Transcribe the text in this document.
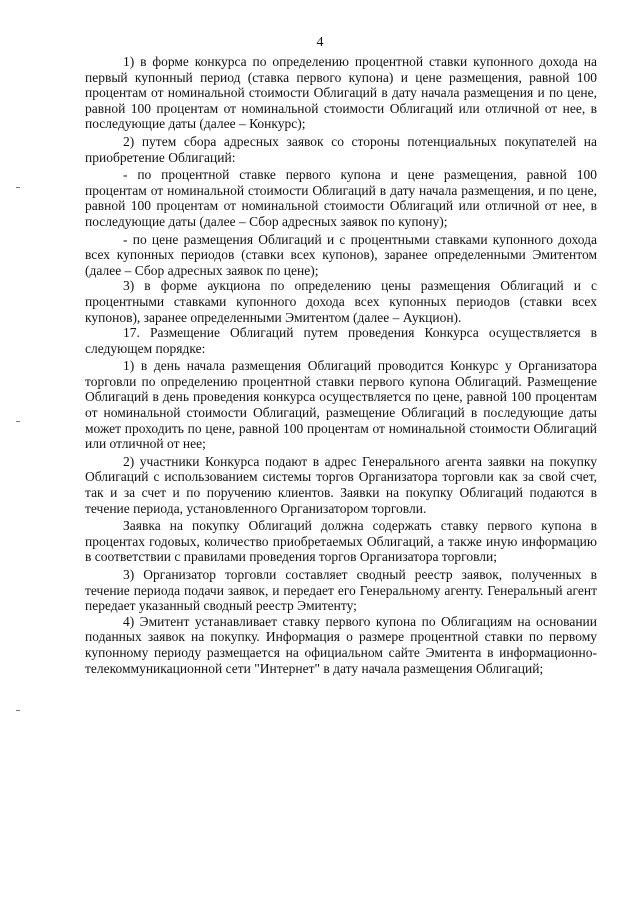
4

1) в форме конкурса по определению процентной ставки купонного дохода на первый купонный период (ставка первого купона) и цене размещения, равной 100 процентам от номинальной стоимости Облигаций в дату начала размещения и по цене, равной 100 процентам от номинальной стоимости Облигаций или отличной от нее, в последующие даты (далее – Конкурс);

2) путем сбора адресных заявок со стороны потенциальных покупателей на приобретение Облигаций:

- по процентной ставке первого купона и цене размещения, равной 100 процентам от номинальной стоимости Облигаций в дату начала размещения, и по цене, равной 100 процентам от номинальной стоимости Облигаций или отличной от нее, в последующие даты (далее – Сбор адресных заявок по купону);

- по цене размещения Облигаций и с процентными ставками купонного дохода всех купонных периодов (ставки всех купонов), заранее определенными Эмитентом (далее – Сбор адресных заявок по цене);

3) в форме аукциона по определению цены размещения Облигаций и с процентными ставками купонного дохода всех купонных периодов (ставки всех купонов), заранее определенными Эмитентом (далее – Аукцион).

17. Размещение Облигаций путем проведения Конкурса осуществляется в следующем порядке:

1) в день начала размещения Облигаций проводится Конкурс у Организатора торговли по определению процентной ставки первого купона Облигаций. Размещение Облигаций в день проведения конкурса осуществляется по цене, равной 100 процентам от номинальной стоимости Облигаций, размещение Облигаций в последующие даты может проходить по цене, равной 100 процентам от номинальной стоимости Облигаций или отличной от нее;

2) участники Конкурса подают в адрес Генерального агента заявки на покупку Облигаций с использованием системы торгов Организатора торговли как за свой счет, так и за счет и по поручению клиентов. Заявки на покупку Облигаций подаются в течение периода, установленного Организатором торговли.

Заявка на покупку Облигаций должна содержать ставку первого купона в процентах годовых, количество приобретаемых Облигаций, а также иную информацию в соответствии с правилами проведения торгов Организатора торговли;

3) Организатор торговли составляет сводный реестр заявок, полученных в течение периода подачи заявок, и передает его Генеральному агенту. Генеральный агент передает указанный сводный реестр Эмитенту;

4) Эмитент устанавливает ставку первого купона по Облигациям на основании поданных заявок на покупку. Информация о размере процентной ставки по первому купонному периоду размещается на официальном сайте Эмитента в информационно-телекоммуникационной сети "Интернет" в дату начала размещения Облигаций;
